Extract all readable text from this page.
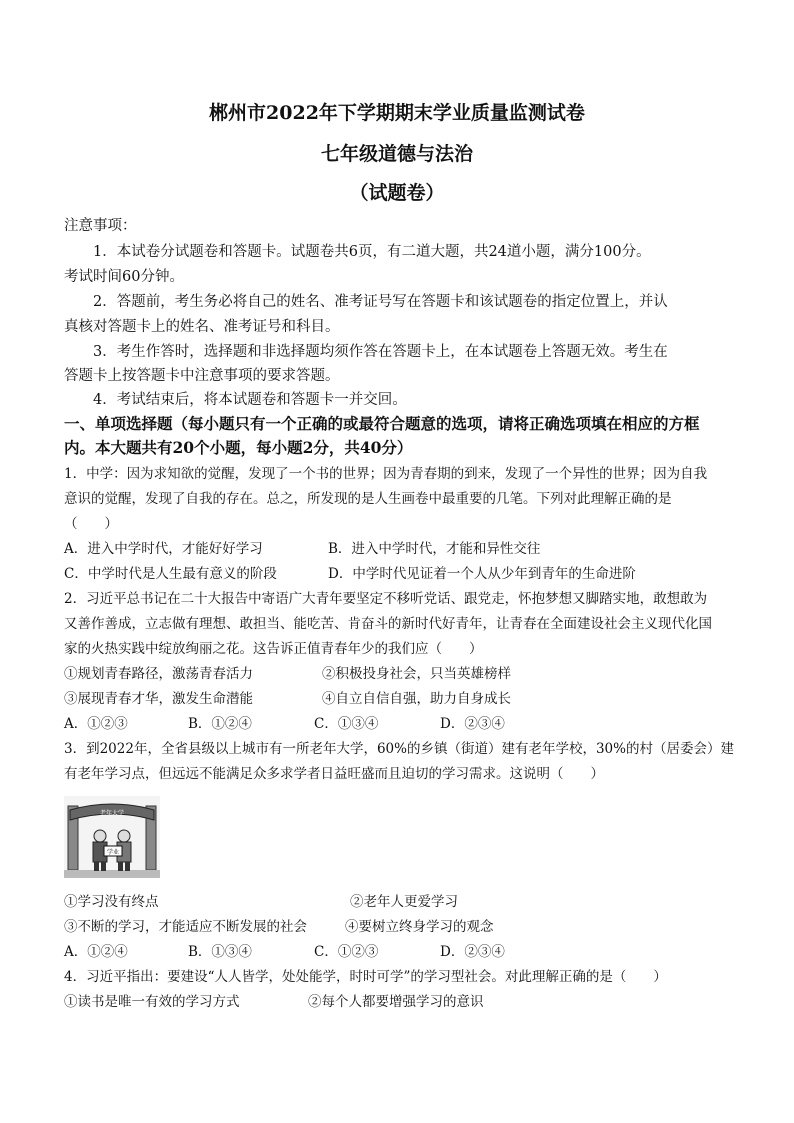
郴州市2022年下学期期末学业质量监测试卷
七年级道德与法治
（试题卷）
注意事项：
1．本试卷分试题卷和答题卡。试题卷共6页，有二道大题，共24道小题，满分100分。
考试时间60分钟。
2．答题前，考生务必将自己的姓名、准考证号写在答题卡和该试题卷的指定位置上，并认
真核对答题卡上的姓名、准考证号和科目。
3．考生作答时，选择题和非选择题均须作答在答题卡上，在本试题卷上答题无效。考生在
答题卡上按答题卡中注意事项的要求答题。
4．考试结束后，将本试题卷和答题卡一并交回。
一、单项选择题（每小题只有一个正确的或最符合题意的选项，请将正确选项填在相应的方框
内。本大题共有20个小题，每小题2分，共40分）
1．中学：因为求知欲的觉醒，发现了一个书的世界；因为青春期的到来，发现了一个异性的世界；因为自我
意识的觉醒，发现了自我的存在。总之，所发现的是人生画卷中最重要的几笔。下列对此理解正确的是
（　　）
A．进入中学时代，才能好好学习	B．进入中学时代，才能和异性交往
C．中学时代是人生最有意义的阶段	D．中学时代见证着一个人从少年到青年的生命进阶
2．习近平总书记在二十大报告中寄语广大青年要坚定不移听党话、跟党走，怀抱梦想又脚踏实地，敢想敢为
又善作善成，立志做有理想、敢担当、能吃苦、肯奋斗的新时代好青年，让青春在全面建设社会主义现代化国
家的火热实践中绽放绚丽之花。这告诉正值青春年少的我们应（　　）
①规划青春路径，激荡青春活力	②积极投身社会，只当英雄榜样
③展现青春才华，激发生命潜能	④自立自信自强，助力自身成长
A．①②③	B．①②④	C．①③④	D．②③④
3．到2022年，全省县级以上城市有一所老年大学，60%的乡镇（街道）建有老年学校，30%的村（居委会）建
有老年学习点，但远远不能满足众多求学者日益旺盛而且迫切的学习需求。这说明（　　）
老年大学
学业
①学习没有终点	②老年人更爱学习
③不断的学习，才能适应不断发展的社会	④要树立终身学习的观念
A．①②④	B．①③④	C．①②③	D．②③④
4．习近平指出：要建设“人人皆学，处处能学，时时可学”的学习型社会。对此理解正确的是（　　）
①读书是唯一有效的学习方式	②每个人都要增强学习的意识
